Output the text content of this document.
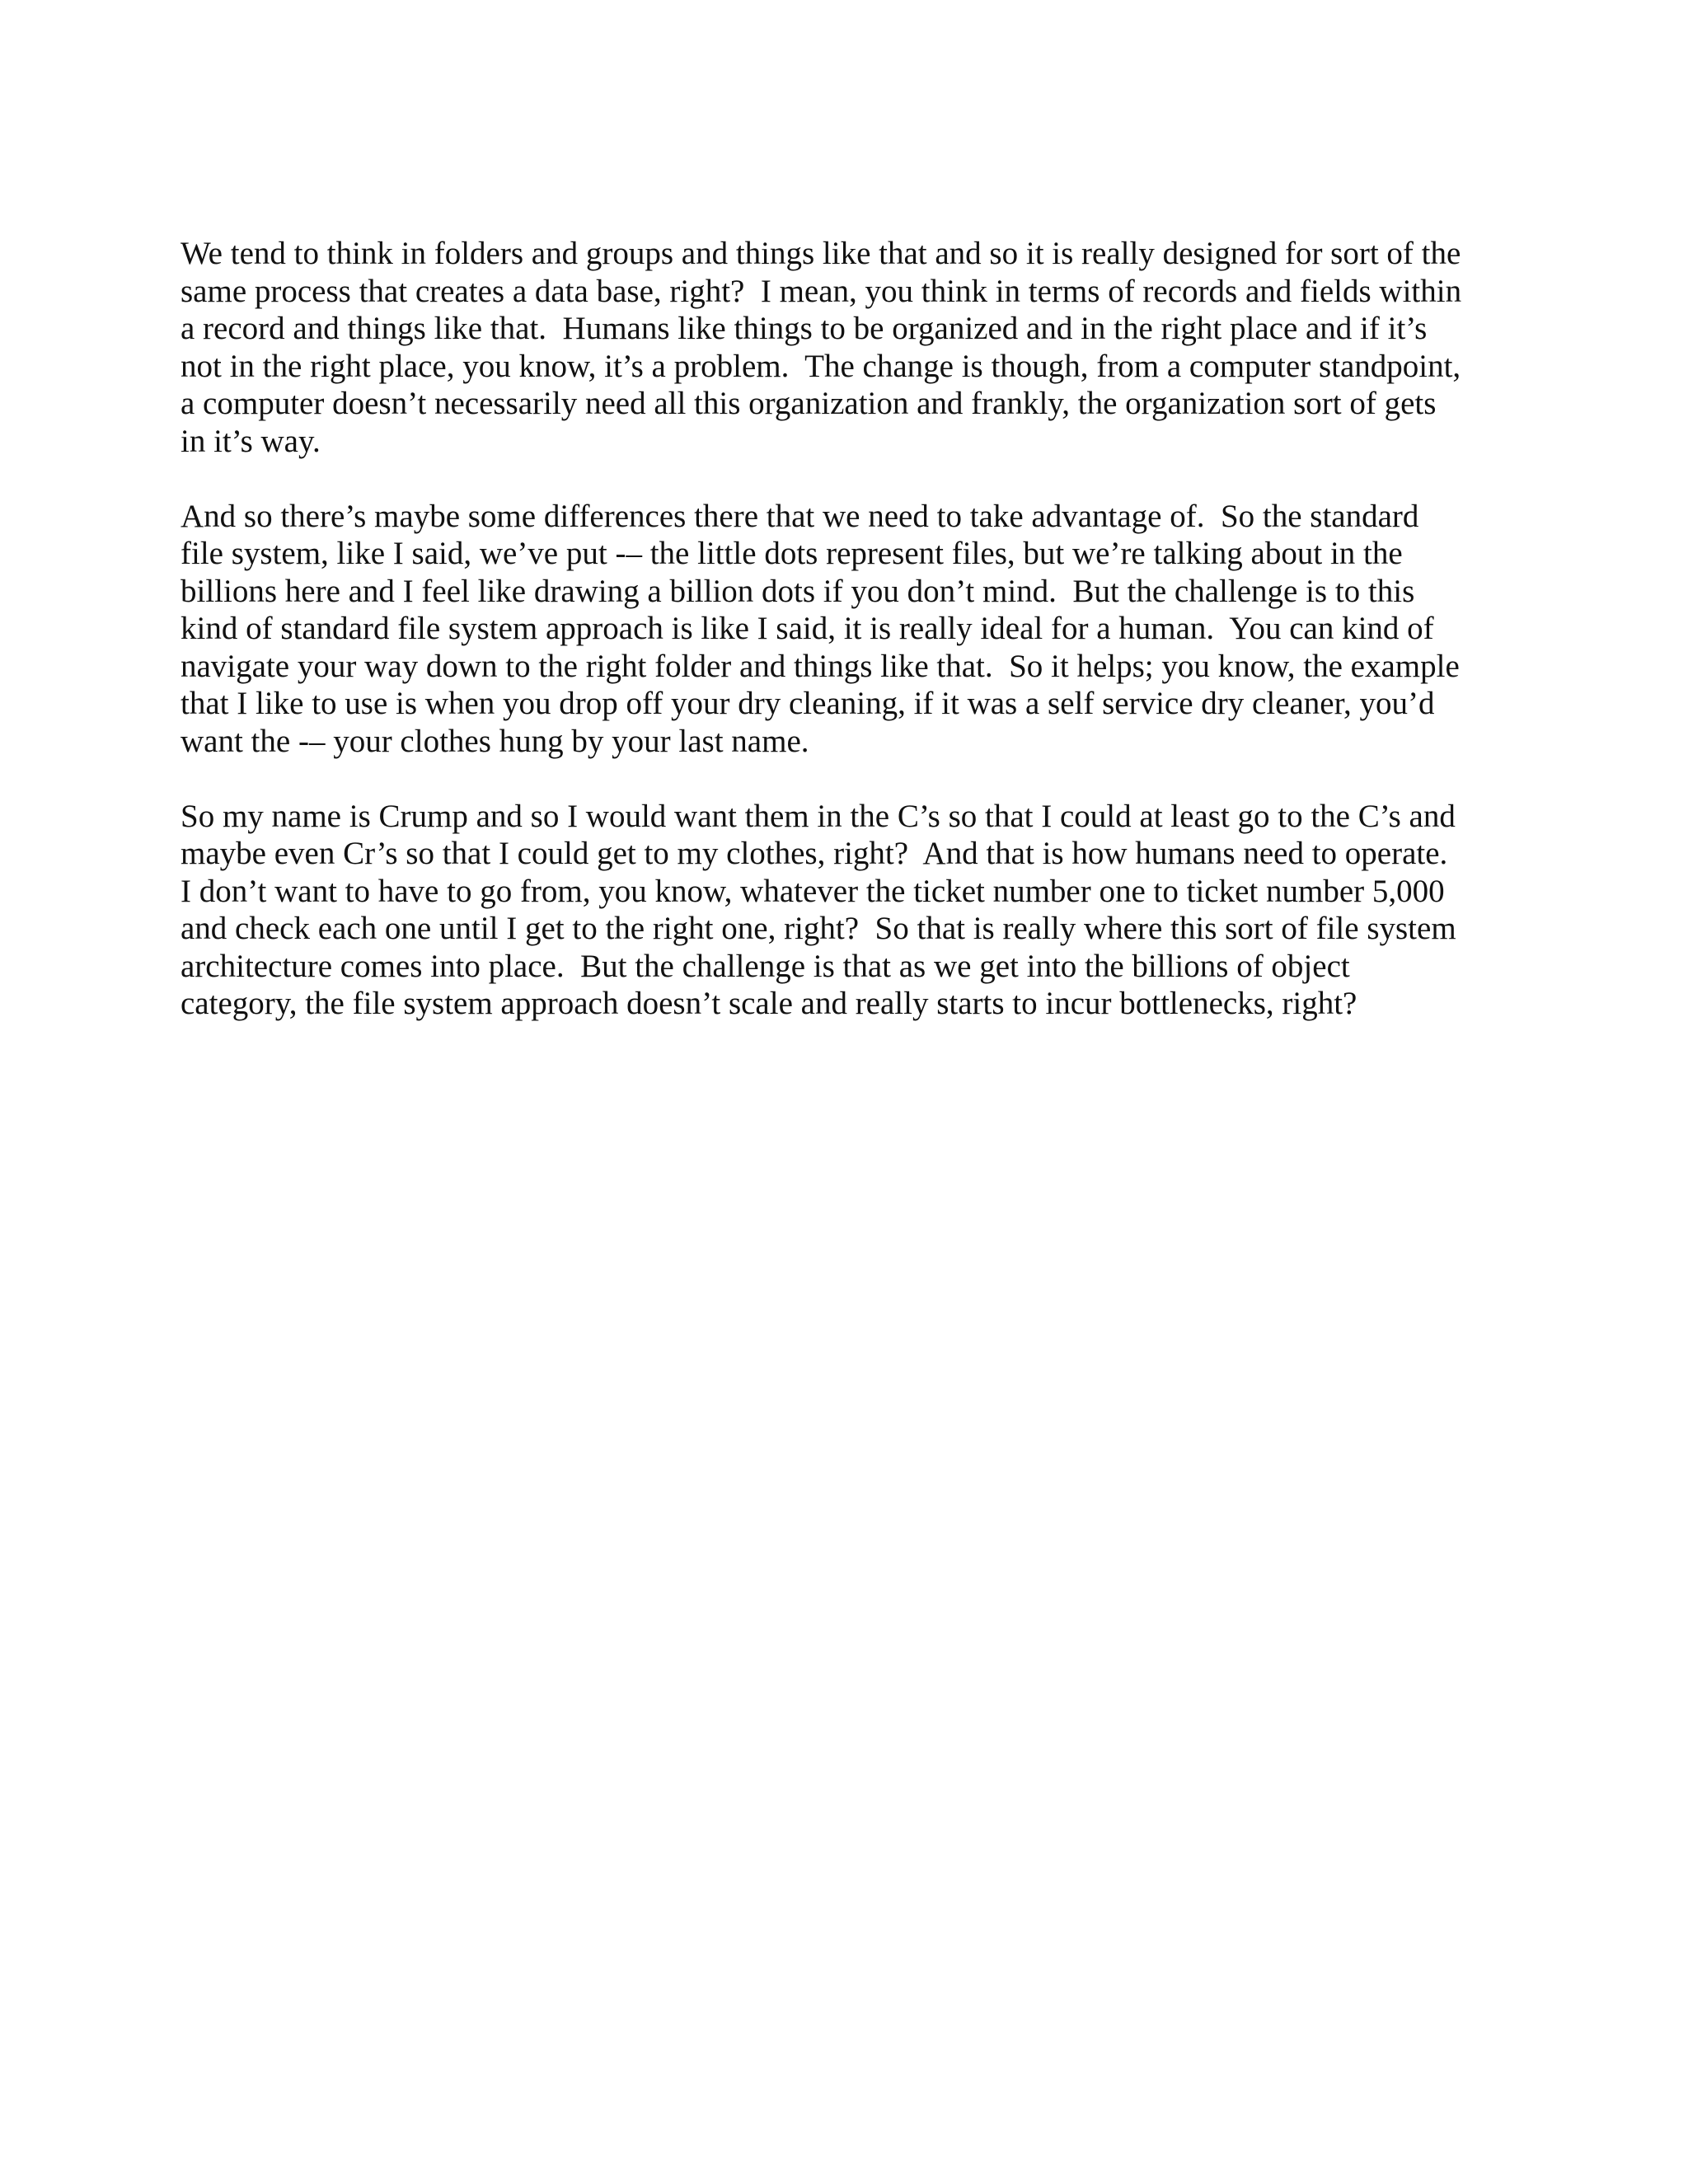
We tend to think in folders and groups and things like that and so it is really designed for sort of the
same process that creates a data base, right?  I mean, you think in terms of records and fields within
a record and things like that.  Humans like things to be organized and in the right place and if it’s
not in the right place, you know, it’s a problem.  The change is though, from a computer standpoint,
a computer doesn’t necessarily need all this organization and frankly, the organization sort of gets
in it’s way.
And so there’s maybe some differences there that we need to take advantage of.  So the standard
file system, like I said, we’ve put -– the little dots represent files, but we’re talking about in the
billions here and I feel like drawing a billion dots if you don’t mind.  But the challenge is to this
kind of standard file system approach is like I said, it is really ideal for a human.  You can kind of
navigate your way down to the right folder and things like that.  So it helps; you know, the example
that I like to use is when you drop off your dry cleaning, if it was a self service dry cleaner, you’d
want the -– your clothes hung by your last name.
So my name is Crump and so I would want them in the C’s so that I could at least go to the C’s and
maybe even Cr’s so that I could get to my clothes, right?  And that is how humans need to operate.
I don’t want to have to go from, you know, whatever the ticket number one to ticket number 5,000
and check each one until I get to the right one, right?  So that is really where this sort of file system
architecture comes into place.  But the challenge is that as we get into the billions of object
category, the file system approach doesn’t scale and really starts to incur bottlenecks, right?
